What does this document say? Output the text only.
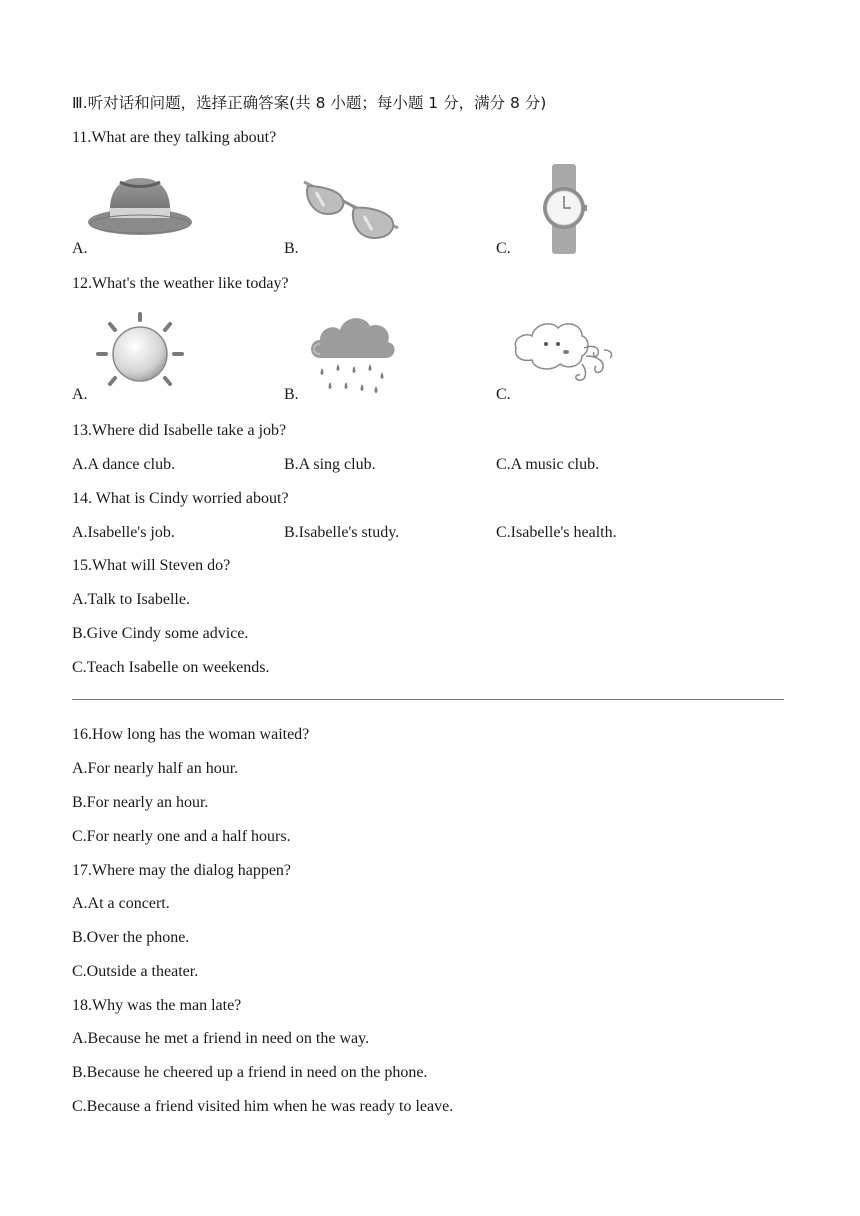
Ⅲ.听对话和问题，选择正确答案(共 8 小题；每小题 1 分，满分 8 分)
11.What are they talking about?
A.	B.	C.
12.What's the weather like today?
A.	B.	C.
13.Where did Isabelle take a job?
A.A dance club.	B.A sing club.	C.A music club.
14. What is Cindy worried about?
A.Isabelle's job.	B.Isabelle's study.	C.Isabelle's health.
15.What will Steven do?
A.Talk to Isabelle.
B.Give Cindy some advice.
C.Teach Isabelle on weekends.
16.How long has the woman waited?
A.For nearly half an hour.
B.For nearly an hour.
C.For nearly one and a half hours.
17.Where may the dialog happen?
A.At a concert.
B.Over the phone.
C.Outside a theater.
18.Why was the man late?
A.Because he met a friend in need on the way.
B.Because he cheered up a friend in need on the phone.
C.Because a friend visited him when he was ready to leave.
